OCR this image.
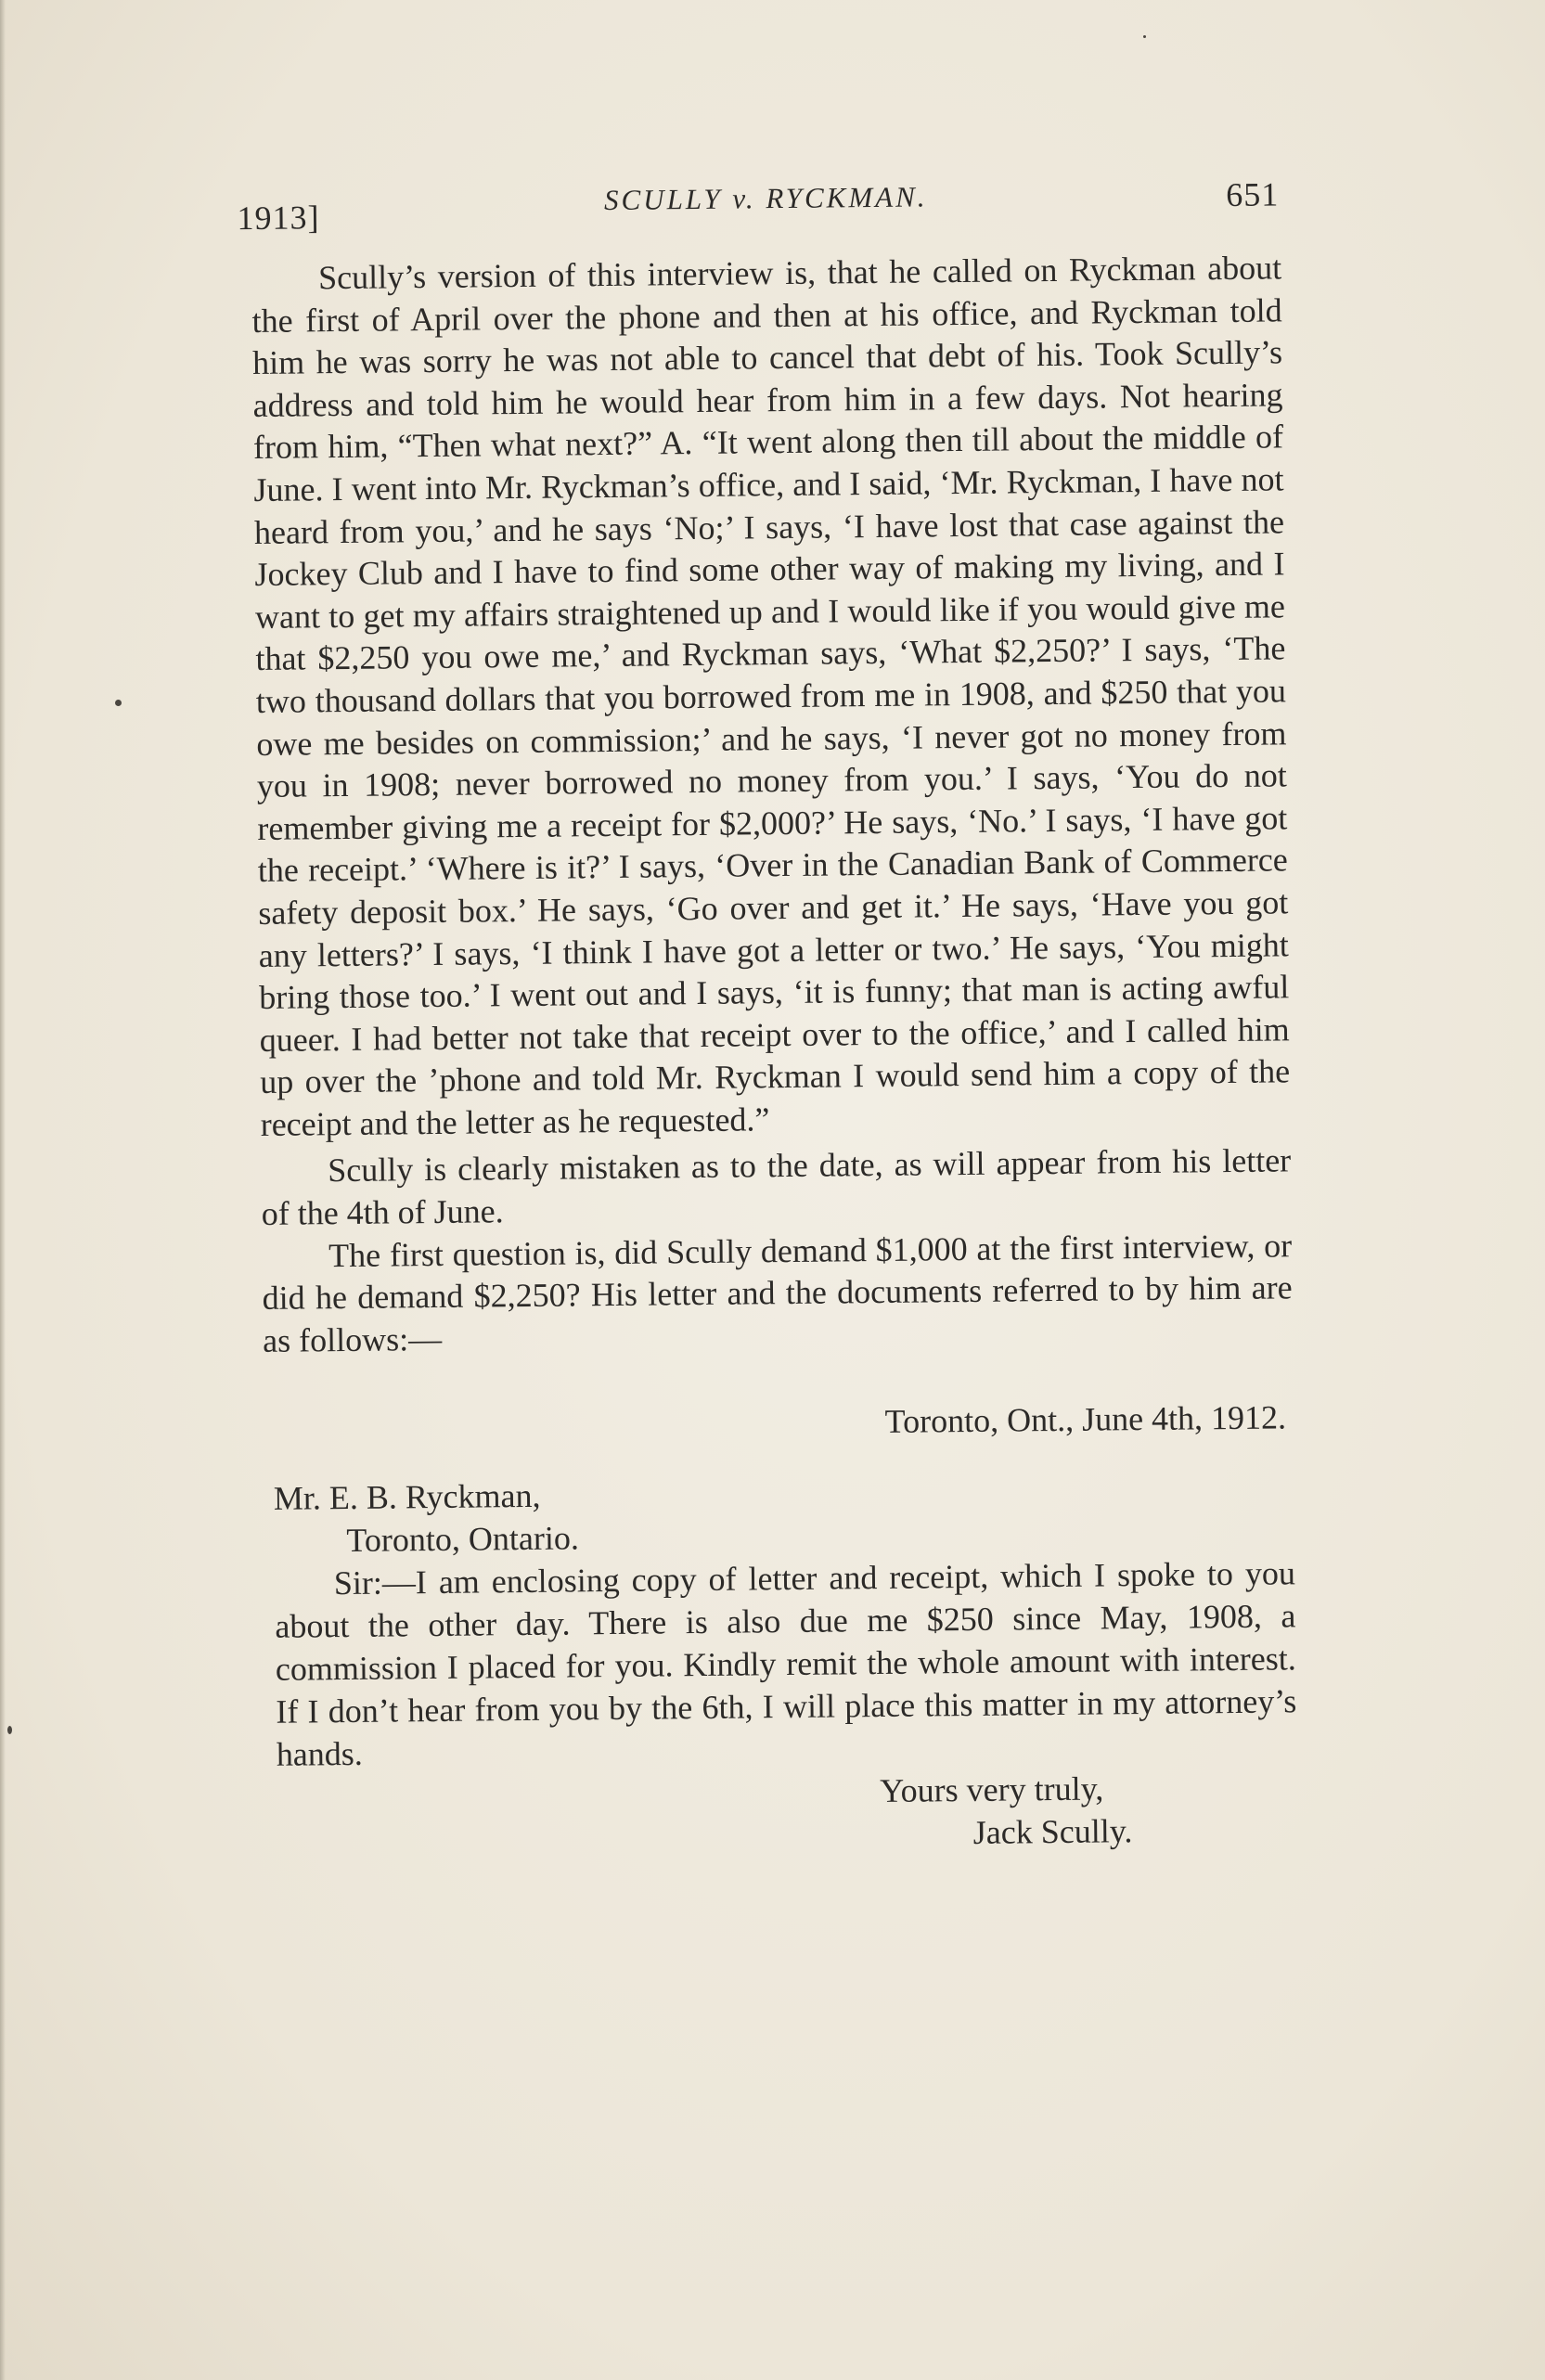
1913]
SCULLY v. RYCKMAN.	651

Scully’s version of this interview is, that he called on Ryckman about the first of April over the phone and then at his office, and Ryckman told him he was sorry he was not able to cancel that debt of his. Took Scully’s address and told him he would hear from him in a few days. Not hearing from him, “Then what next?” A. “It went along then till about the middle of June. I went into Mr. Ryckman’s office, and I said, ‘Mr. Ryckman, I have not heard from you,’ and he says ‘No;’ I says, ‘I have lost that case against the Jockey Club and I have to find some other way of making my living, and I want to get my affairs straightened up and I would like if you would give me that $2,250 you owe me,’ and Ryckman says, ‘What $2,250?’ I says, ‘The two thousand dollars that you borrowed from me in 1908, and $250 that you owe me besides on commission;’ and he says, ‘I never got no money from you in 1908; never borrowed no money from you.’ I says, ‘You do not remember giving me a receipt for $2,000?’ He says, ‘No.’ I says, ‘I have got the receipt.’ ‘Where is it?’ I says, ‘Over in the Canadian Bank of Commerce safety deposit box.’ He says, ‘Go over and get it.’ He says, ‘Have you got any letters?’ I says, ‘I think I have got a letter or two.’ He says, ‘You might bring those too.’ I went out and I says, ‘it is funny; that man is acting awful queer. I had better not take that receipt over to the office,’ and I called him up over the ’phone and told Mr. Ryckman I would send him a copy of the receipt and the letter as he requested.”

Scully is clearly mistaken as to the date, as will appear from his letter of the 4th of June.

The first question is, did Scully demand $1,000 at the first interview, or did he demand $2,250? His letter and the documents referred to by him are as follows:—

Toronto, Ont., June 4th, 1912.
Mr. E. B. Ryckman,
Toronto, Ontario.

Sir:—I am enclosing copy of letter and receipt, which I spoke to you about the other day. There is also due me $250 since May, 1908, a commission I placed for you. Kindly remit the whole amount with interest. If I don’t hear from you by the 6th, I will place this matter in my attorney’s hands.

Yours very truly,
Jack Scully.
